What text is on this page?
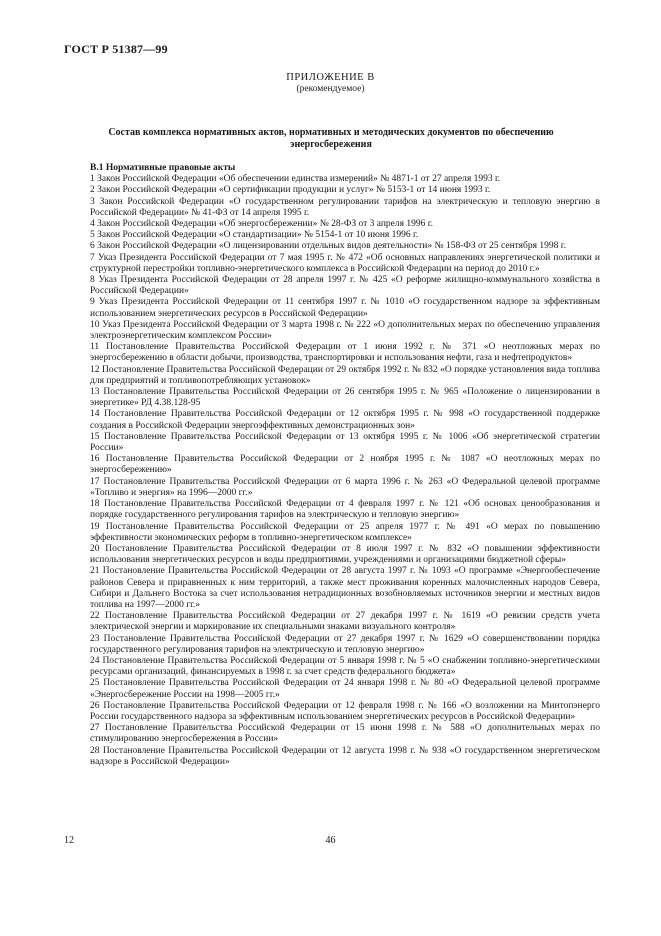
ГОСТ Р 51387—99
ПРИЛОЖЕНИЕ В
(рекомендуемое)
Состав комплекса нормативных актов, нормативных и методических документов по обеспечению энергосбережения
В.1 Нормативные правовые акты
1 Закон Российской Федерации «Об обеспечении единства измерений» № 4871-1 от 27 апреля 1993 г.
2 Закон Российской Федерации «О сертификации продукции и услуг» № 5153-1 от 14 июня 1993 г.
3 Закон Российской Федерации «О государственном регулировании тарифов на электрическую и тепловую энергию в Российской Федерации» № 41-ФЗ от 14 апреля 1995 г.
4 Закон Российской Федерации «Об энергосбережении» № 28-ФЗ от 3 апреля 1996 г.
5 Закон Российской Федерации «О стандартизации» № 5154-1 от 10 июня 1996 г.
6 Закон Российской Федерации «О лицензировании отдельных видов деятельности» № 158-ФЗ от 25 сентября 1998 г.
7 Указ Президента Российской Федерации от 7 мая 1995 г. № 472 «Об основных направлениях энергетической политики и структурной перестройки топливно-энергетического комплекса в Российской Федерации на период до 2010 г.»
8 Указ Президента Российской Федерации от 28 апреля 1997 г. № 425 «О реформе жилищно-коммунального хозяйства в Российской Федерации»
9 Указ Президента Российской Федерации от 11 сентября 1997 г. № 1010 «О государственном надзоре за эффективным использованием энергетических ресурсов в Российской Федерации»
10 Указ Президента Российской Федерации от 3 марта 1998 г. № 222 «О дополнительных мерах по обеспечению управления электроэнергетическим комплексом России»
11 Постановление Правительства Российской Федерации от 1 июня 1992 г. № 371 «О неотложных мерах по энергосбережению в области добычи, производства, транспортировки и использования нефти, газа и нефтепродуктов»
12 Постановление Правительства Российской Федерации от 29 октября 1992 г. № 832 «О порядке установления вида топлива для предприятий и топливопотребляющих установок»
13 Постановление Правительства Российской Федерации от 26 сентября 1995 г. № 965 «Положение о лицензировании в энергетике» РД 4.38.128-95
14 Постановление Правительства Российской Федерации от 12 октября 1995 г. № 998 «О государственной поддержке создания в Российской Федерации энергоэффективных демонстрационных зон»
15 Постановление Правительства Российской Федерации от 13 октября 1995 г. № 1006 «Об энергетической стратегии России»
16 Постановление Правительства Российской Федерации от 2 ноября 1995 г. № 1087 «О неотложных мерах по энергосбережению»
17 Постановление Правительства Российской Федерации от 6 марта 1996 г. № 263 «О Федеральной целевой программе «Топливо и энергия» на 1996—2000 гг.»
18 Постановление Правительства Российской Федерации от 4 февраля 1997 г. № 121 «Об основах ценообразования и порядке государственного регулирования тарифов на электрическую и тепловую энергию»
19 Постановление Правительства Российской Федерации от 25 апреля 1977 г. № 491 «О мерах по повышению эффективности экономических реформ в топливно-энергетическом комплексе»
20 Постановление Правительства Российской Федерации от 8 июля 1997 г. № 832 «О повышении эффективности использования энергетических ресурсов и воды предприятиями, учреждениями и организациями бюджетной сферы»
21 Постановление Правительства Российской Федерации от 28 августа 1997 г. № 1093 «О программе «Энергообеспечение районов Севера и приравненных к ним территорий, а также мест проживания коренных малочисленных народов Севера, Сибири и Дальнего Востока за счет использования нетрадиционных возобновляемых источников энергии и местных видов топлива на 1997—2000 гг.»
22 Постановление Правительства Российской Федерации от 27 декабря 1997 г. № 1619 «О ревизии средств учета электрической энергии и маркирование их специальными знаками визуального контроля»
23 Постановление Правительства Российской Федерации от 27 декабря 1997 г. № 1629 «О совершенствовании порядка государственного регулирования тарифов на электрическую и тепловую энергию»
24 Постановление Правительства Российской Федерации от 5 января 1998 г. № 5 «О снабжении топливно-энергетическими ресурсами организаций, финансируемых в 1998 г. за счет средств федерального бюджета»
25 Постановление Правительства Российской Федерации от 24 января 1998 г. № 80 «О Федеральной целевой программе «Энергосбережение России на 1998—2005 гг.»
26 Постановление Правительства Российской Федерации от 12 февраля 1998 г. № 166 «О возложении на Минтопэнерго России государственного надзора за эффективным использованием энергетических ресурсов в Российской Федерации»
27 Постановление Правительства Российской Федерации от 15 июня 1998 г. № 588 «О дополнительных мерах по стимулированию энергосбережения в России»
28 Постановление Правительства Российской Федерации от 12 августа 1998 г. № 938 «О государственном энергетическом надзоре в Российской Федерации»
12	46
